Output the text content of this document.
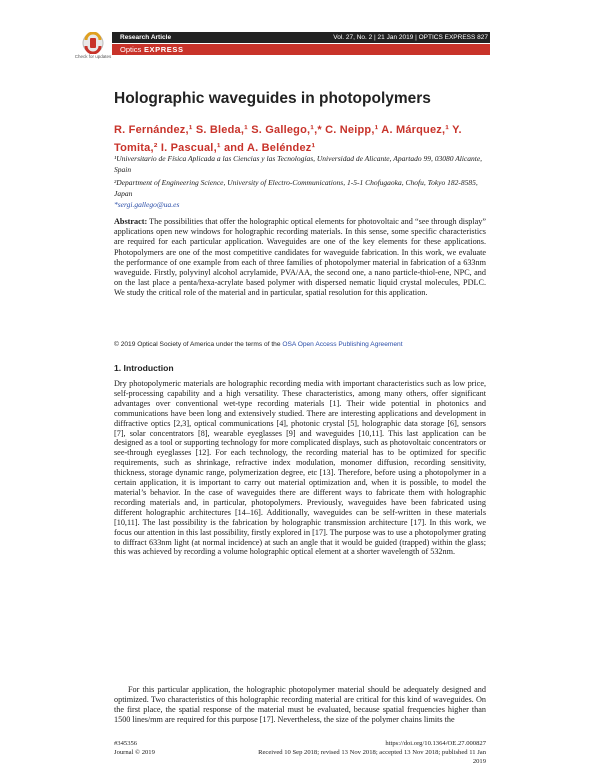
Check for updates
Research Article
Optics EXPRESS
Vol. 27, No. 2 | 21 Jan 2019 | OPTICS EXPRESS 827
Holographic waveguides in photopolymers
R. Fernández,¹ S. Bleda,¹ S. Gallego,¹,* C. Neipp,¹ A. Márquez,¹ Y. Tomita,² I. Pascual,¹ and A. Beléndez¹
¹Universitario de Física Aplicada a las Ciencias y las Tecnologías, Universidad de Alicante, Apartado 99, 03080 Alicante, Spain
²Department of Engineering Science, University of Electro-Communications, 1-5-1 Chofugaoka, Chofu, Tokyo 182-8585, Japan
*sergi.gallego@ua.es
Abstract: The possibilities that offer the holographic optical elements for photovoltaic and “see through display” applications open new windows for holographic recording materials. In this sense, some specific characteristics are required for each particular application. Waveguides are one of the key elements for these applications. Photopolymers are one of the most competitive candidates for waveguide fabrication. In this work, we evaluate the performance of one example from each of three families of photopolymer material in fabrication of a 633nm waveguide. Firstly, polyvinyl alcohol acrylamide, PVA/AA, the second one, a nano particle-thiol-ene, NPC, and on the last place a penta/hexa-acrylate based polymer with dispersed nematic liquid crystal molecules, PDLC. We study the critical role of the material and in particular, spatial resolution for this application.
© 2019 Optical Society of America under the terms of the OSA Open Access Publishing Agreement
1. Introduction
Dry photopolymeric materials are holographic recording media with important characteristics such as low price, self-processing capability and a high versatility. These characteristics, among many others, offer significant advantages over conventional wet-type recording materials [1]. Their wide potential in photonics and communications have been long and extensively studied. There are interesting applications and development in diffractive optics [2,3], optical communications [4], photonic crystal [5], holographic data storage [6], sensors [7], solar concentrators [8], wearable eyeglasses [9] and waveguides [10,11]. This last application can be designed as a tool or supporting technology for more complicated displays, such as photovoltaic concentrators or see-through eyeglasses [12]. For each technology, the recording material has to be optimized for specific requirements, such as shrinkage, refractive index modulation, monomer diffusion, recording sensitivity, thickness, storage dynamic range, polymerization degree, etc [13]. Therefore, before using a photopolymer in a certain application, it is important to carry out material optimization and, when it is possible, to model the material’s behavior. In the case of waveguides there are different ways to fabricate them with holographic recording materials and, in particular, photopolymers. Previously, waveguides have been fabricated using different holographic architectures [14–16]. Additionally, waveguides can be self-written in these materials [10,11]. The last possibility is the fabrication by holographic transmission architecture [17]. In this work, we focus our attention in this last possibility, firstly explored in [17]. The purpose was to use a photopolymer grating to diffract 633nm light (at normal incidence) at such an angle that it would be guided (trapped) within the glass; this was achieved by recording a volume holographic optical element at a shorter wavelength of 532nm.
For this particular application, the holographic photopolymer material should be adequately designed and optimized. Two characteristics of this holographic recording material are critical for this kind of waveguides. On the first place, the spatial response of the material must be evaluated, because spatial frequencies higher than 1500 lines/mm are required for this purpose [17]. Nevertheless, the size of the polymer chains limits the
#345356
Journal © 2019
https://doi.org/10.1364/OE.27.000827
Received 10 Sep 2018; revised 13 Nov 2018; accepted 13 Nov 2018; published 11 Jan 2019
